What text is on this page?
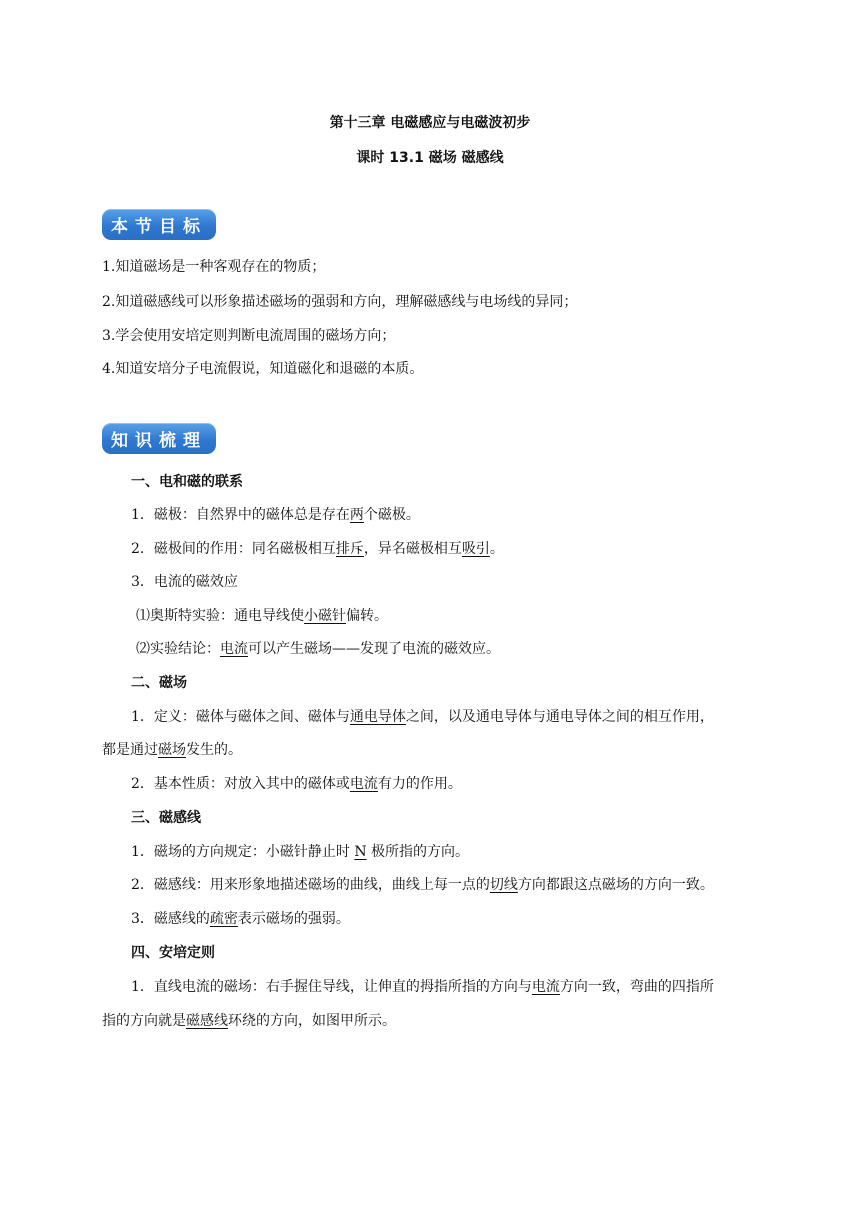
第十三章 电磁感应与电磁波初步
课时 13.1 磁场 磁感线
本节目标
1.知道磁场是一种客观存在的物质；
2.知道磁感线可以形象描述磁场的强弱和方向，理解磁感线与电场线的异同；
3.学会使用安培定则判断电流周围的磁场方向；
4.知道安培分子电流假说，知道磁化和退磁的本质。
知识梳理
一、电和磁的联系
1．磁极：自然界中的磁体总是存在两个磁极。
2．磁极间的作用：同名磁极相互排斥，异名磁极相互吸引。
3．电流的磁效应
⑴奥斯特实验：通电导线使小磁针偏转。
⑵实验结论：电流可以产生磁场——发现了电流的磁效应。
二、磁场
1．定义：磁体与磁体之间、磁体与通电导体之间，以及通电导体与通电导体之间的相互作用，
都是通过磁场发生的。
2．基本性质：对放入其中的磁体或电流有力的作用。
三、磁感线
1．磁场的方向规定：小磁针静止时 N 极所指的方向。
2．磁感线：用来形象地描述磁场的曲线，曲线上每一点的切线方向都跟这点磁场的方向一致。
3．磁感线的疏密表示磁场的强弱。
四、安培定则
1．直线电流的磁场：右手握住导线，让伸直的拇指所指的方向与电流方向一致，弯曲的四指所
指的方向就是磁感线环绕的方向，如图甲所示。
